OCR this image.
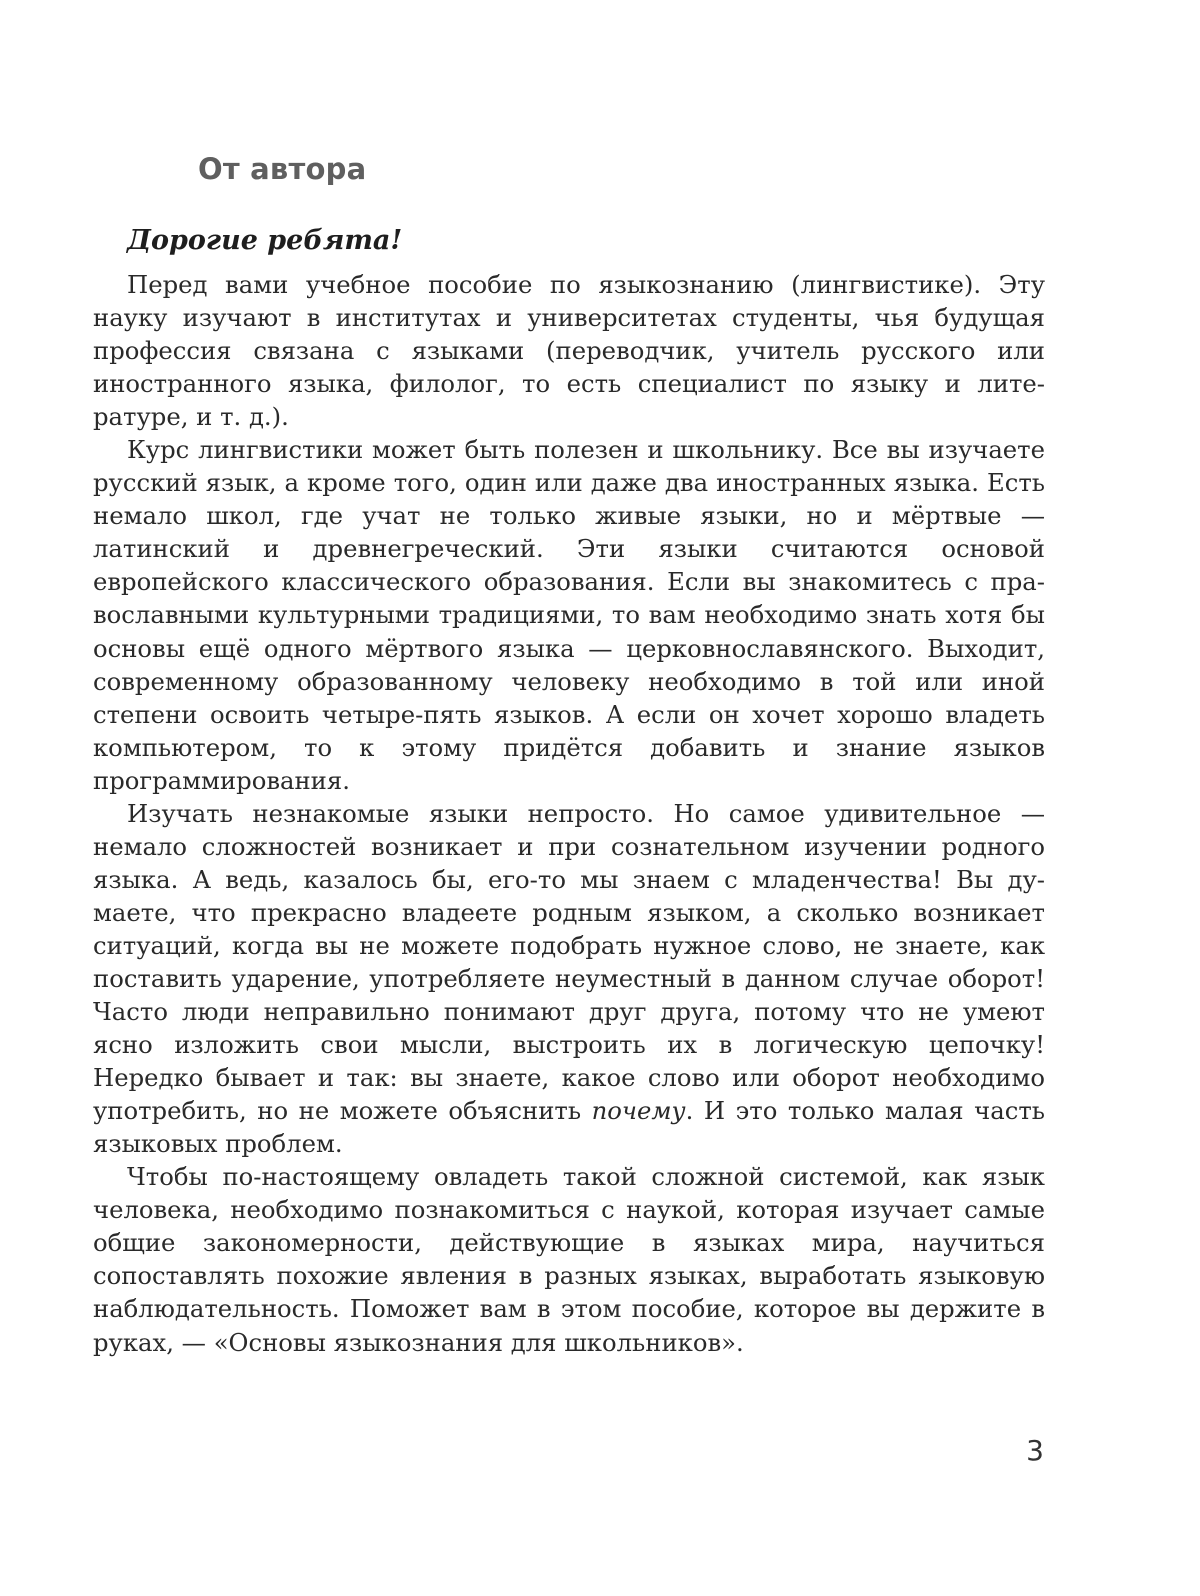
От автора
Дорогие ребята!

Перед вами учебное пособие по языкознанию (лингвистике). Эту науку изучают в институтах и университетах студенты, чья будущая профессия связана с языками (переводчик, учитель русского или иностранного языка, филолог, то есть специалист по языку и литературе, и т. д.).

Курс лингвистики может быть полезен и школьнику. Все вы изучаете русский язык, а кроме того, один или даже два иностранных языка. Есть немало школ, где учат не только живые языки, но и мёртвые — латинский и древнегреческий. Эти языки считаются основой европейского классического образования. Если вы знакомитесь с православными культурными традициями, то вам необходимо знать хотя бы основы ещё одного мёртвого языка — церковнославянского. Выходит, современному образованному человеку необходимо в той или иной степени освоить четыре-пять языков. А если он хочет хорошо владеть компьютером, то к этому придётся добавить и знание языков программирования.

Изучать незнакомые языки непросто. Но самое удивительное — немало сложностей возникает и при сознательном изучении родного языка. А ведь, казалось бы, его-то мы знаем с младенчества! Вы думаете, что прекрасно владеете родным языком, а сколько возникает ситуаций, когда вы не можете подобрать нужное слово, не знаете, как поставить ударение, употребляете неуместный в данном случае оборот! Часто люди неправильно понимают друг друга, потому что не умеют ясно изложить свои мысли, выстроить их в логическую цепочку! Нередко бывает и так: вы знаете, какое слово или оборот необходимо употребить, но не можете объяснить почему. И это только малая часть языковых проблем.

Чтобы по-настоящему овладеть такой сложной системой, как язык человека, необходимо познакомиться с наукой, которая изучает самые общие закономерности, действующие в языках мира, научиться сопоставлять похожие явления в разных языках, выработать языковую наблюдательность. Поможет вам в этом пособие, которое вы держите в руках, — «Основы языкознания для школьников».

3
